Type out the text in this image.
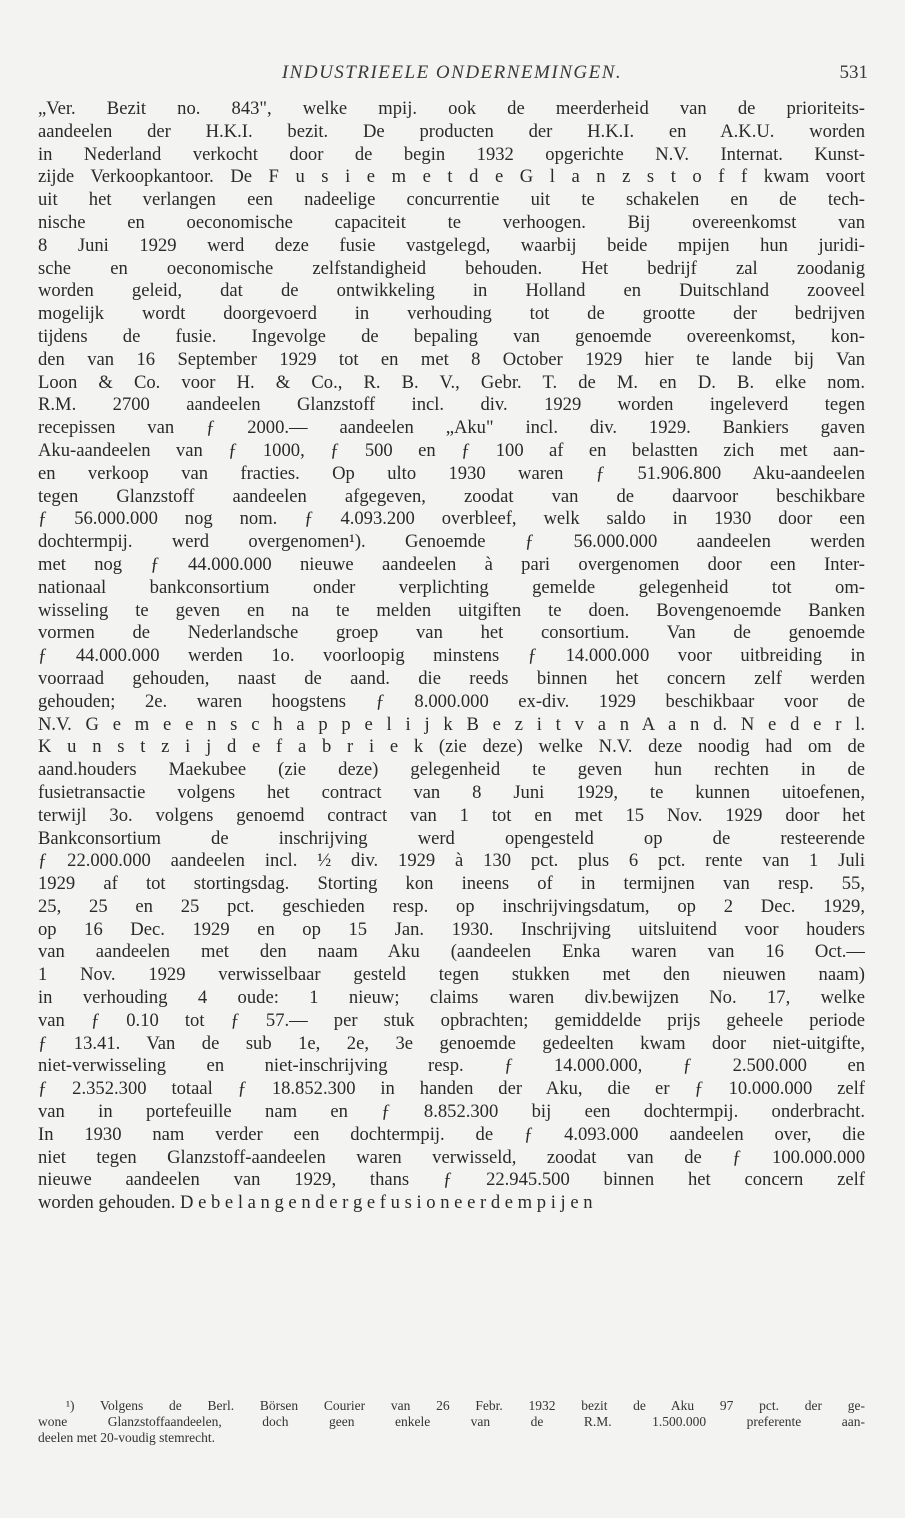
INDUSTRIEELE ONDERNEMINGEN.	531
„Ver. Bezit no. 843", welke mpij. ook de meerderheid van de prioriteits-
aandeelen der H.K.I. bezit. De producten der H.K.I. en A.K.U. worden
in Nederland verkocht door de begin 1932 opgerichte N.V. Internat. Kunst-
zijde Verkoopkantoor. De F u s i e m e t d e G l a n z s t o f f kwam voort
uit het verlangen een nadeelige concurrentie uit te schakelen en de tech-
nische en oeconomische capaciteit te verhoogen. Bij overeenkomst van
8 Juni 1929 werd deze fusie vastgelegd, waarbij beide mpijen hun juridi-
sche en oeconomische zelfstandigheid behouden. Het bedrijf zal zoodanig
worden geleid, dat de ontwikkeling in Holland en Duitschland zooveel
mogelijk wordt doorgevoerd in verhouding tot de grootte der bedrijven
tijdens de fusie. Ingevolge de bepaling van genoemde overeenkomst, kon-
den van 16 September 1929 tot en met 8 October 1929 hier te lande bij Van
Loon & Co. voor H. & Co., R. B. V., Gebr. T. de M. en D. B. elke nom.
R.M. 2700 aandeelen Glanzstoff incl. div. 1929 worden ingeleverd tegen
recepissen van ƒ 2000.— aandeelen „Aku" incl. div. 1929. Bankiers gaven
Aku-aandeelen van ƒ 1000, ƒ 500 en ƒ 100 af en belastten zich met aan-
en verkoop van fracties. Op ulto 1930 waren ƒ 51.906.800 Aku-aandeelen
tegen Glanzstoff aandeelen afgegeven, zoodat van de daarvoor beschikbare
ƒ 56.000.000 nog nom. ƒ 4.093.200 overbleef, welk saldo in 1930 door een
dochtermpij. werd overgenomen¹). Genoemde ƒ 56.000.000 aandeelen werden
met nog ƒ 44.000.000 nieuwe aandeelen à pari overgenomen door een Inter-
nationaal bankconsortium onder verplichting gemelde gelegenheid tot om-
wisseling te geven en na te melden uitgiften te doen. Bovengenoemde Banken
vormen de Nederlandsche groep van het consortium. Van de genoemde
ƒ 44.000.000 werden 1o. voorloopig minstens ƒ 14.000.000 voor uitbreiding in
voorraad gehouden, naast de aand. die reeds binnen het concern zelf werden
gehouden; 2e. waren hoogstens ƒ 8.000.000 ex-div. 1929 beschikbaar voor de
N.V. G e m e e n s c h a p p e l i j k B e z i t v a n A a n d. N e d e r l.
K u n s t z i j d e f a b r i e k (zie deze) welke N.V. deze noodig had om de
aand.houders Maekubee (zie deze) gelegenheid te geven hun rechten in de
fusietransactie volgens het contract van 8 Juni 1929, te kunnen uitoefenen,
terwijl 3o. volgens genoemd contract van 1 tot en met 15 Nov. 1929 door het
Bankconsortium de inschrijving werd opengesteld op de resteerende
ƒ 22.000.000 aandeelen incl. ½ div. 1929 à 130 pct. plus 6 pct. rente van 1 Juli
1929 af tot stortingsdag. Storting kon ineens of in termijnen van resp. 55,
25, 25 en 25 pct. geschieden resp. op inschrijvingsdatum, op 2 Dec. 1929,
op 16 Dec. 1929 en op 15 Jan. 1930. Inschrijving uitsluitend voor houders
van aandeelen met den naam Aku (aandeelen Enka waren van 16 Oct.—
1 Nov. 1929 verwisselbaar gesteld tegen stukken met den nieuwen naam)
in verhouding 4 oude: 1 nieuw; claims waren div.bewijzen No. 17, welke
van ƒ 0.10 tot ƒ 57.— per stuk opbrachten; gemiddelde prijs geheele periode
ƒ 13.41. Van de sub 1e, 2e, 3e genoemde gedeelten kwam door niet-uitgifte,
niet-verwisseling en niet-inschrijving resp. ƒ 14.000.000, ƒ 2.500.000 en
ƒ 2.352.300 totaal ƒ 18.852.300 in handen der Aku, die er ƒ 10.000.000 zelf
van in portefeuille nam en ƒ 8.852.300 bij een dochtermpij. onderbracht.
In 1930 nam verder een dochtermpij. de ƒ 4.093.000 aandeelen over, die
niet tegen Glanzstoff-aandeelen waren verwisseld, zoodat van de ƒ 100.000.000
nieuwe aandeelen van 1929, thans ƒ 22.945.500 binnen het concern zelf
worden gehouden. D e b e l a n g e n d e r g e f u s i o n e e r d e m p i j e n
¹) Volgens de Berl. Börsen Courier van 26 Febr. 1932 bezit de Aku 97 pct. der ge-
wone Glanzstoffaandeelen, doch geen enkele van de R.M. 1.500.000 preferente aan-
deelen met 20-voudig stemrecht.
